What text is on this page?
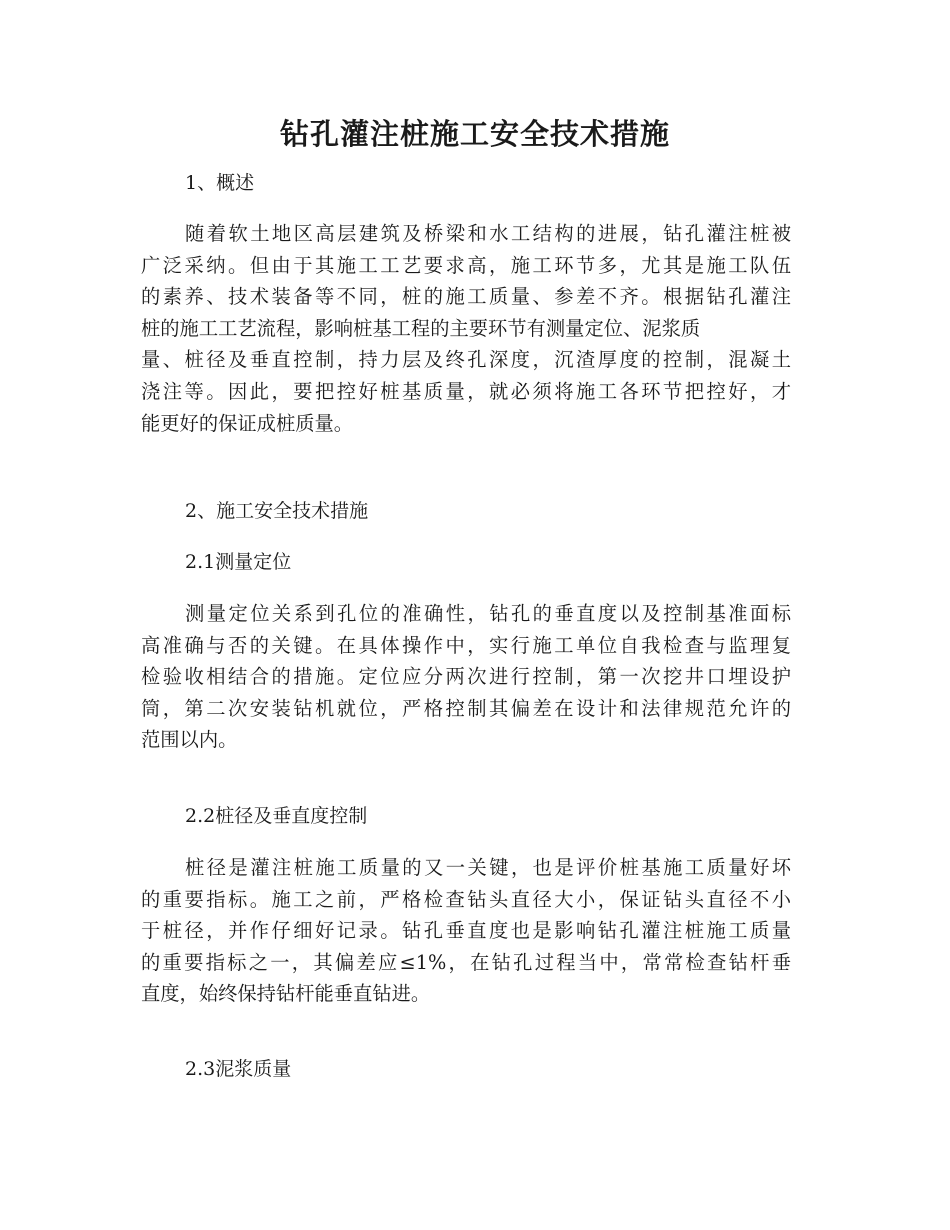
钻孔灌注桩施工安全技术措施

1、概述

随着软土地区高层建筑及桥梁和水工结构的进展，钻孔灌注桩被
广泛采纳。但由于其施工工艺要求高，施工环节多，尤其是施工队伍
的素养、技术装备等不同，桩的施工质量、参差不齐。根据钻孔灌注
桩的施工工艺流程，影响桩基工程的主要环节有测量定位、泥浆质
量、桩径及垂直控制，持力层及终孔深度，沉渣厚度的控制，混凝土
浇注等。因此，要把控好桩基质量，就必须将施工各环节把控好，才
能更好的保证成桩质量。

2、施工安全技术措施

2.1测量定位

测量定位关系到孔位的准确性，钻孔的垂直度以及控制基准面标
高准确与否的关键。在具体操作中，实行施工单位自我检查与监理复
检验收相结合的措施。定位应分两次进行控制，第一次挖井口埋设护
筒，第二次安装钻机就位，严格控制其偏差在设计和法律规范允许的
范围以内。

2.2桩径及垂直度控制

桩径是灌注桩施工质量的又一关键，也是评价桩基施工质量好坏
的重要指标。施工之前，严格检查钻头直径大小，保证钻头直径不小
于桩径，并作仔细好记录。钻孔垂直度也是影响钻孔灌注桩施工质量
的重要指标之一，其偏差应≤1%，在钻孔过程当中，常常检查钻杆垂
直度，始终保持钻杆能垂直钻进。

2.3泥浆质量
